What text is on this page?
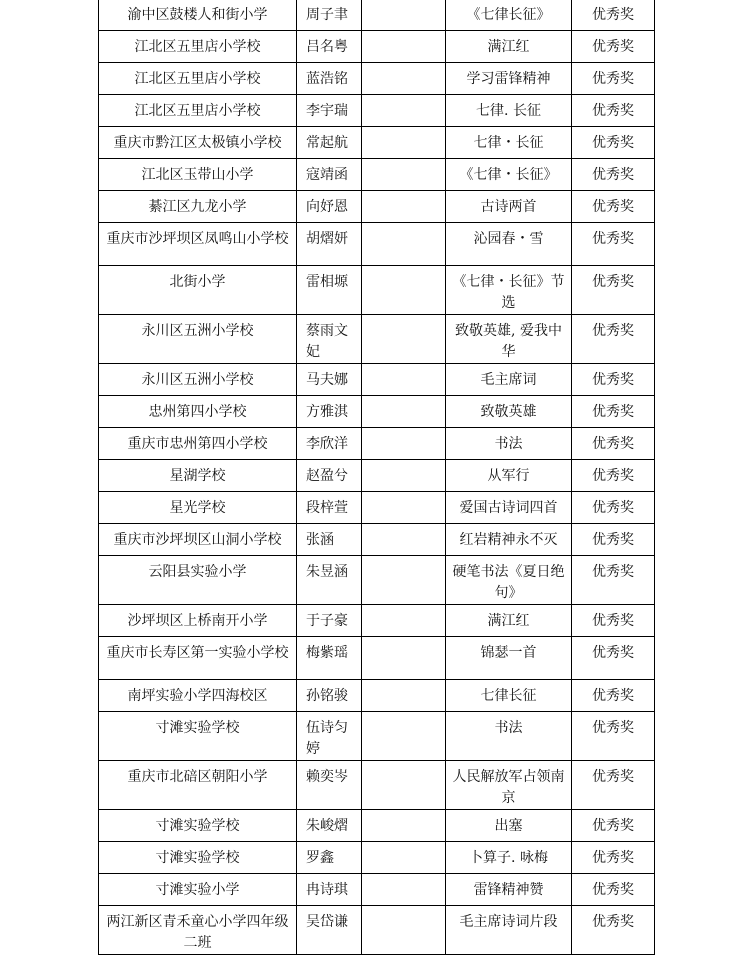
渝中区鼓楼人和街小学	周子聿		《七律长征》	优秀奖
江北区五里店小学校	吕名粤		满江红	优秀奖
江北区五里店小学校	蓝浩铭		学习雷锋精神	优秀奖
江北区五里店小学校	李宇瑞		七律. 长征	优秀奖
重庆市黔江区太极镇小学校	常起航		七律・长征	优秀奖
江北区玉带山小学	寇靖函		《七律・长征》	优秀奖
綦江区九龙小学	向妤恩		古诗两首	优秀奖
重庆市沙坪坝区凤鸣山小学校	胡熠妍		沁园春・雪	优秀奖
北街小学	雷相塬		《七律・长征》节选	优秀奖
永川区五洲小学校	蔡雨文妃		致敬英雄, 爱我中华	优秀奖
永川区五洲小学校	马夫娜		毛主席词	优秀奖
忠州第四小学校	方雅淇		致敬英雄	优秀奖
重庆市忠州第四小学校	李欣洋		书法	优秀奖
星湖学校	赵盈兮		从军行	优秀奖
星光学校	段梓萱		爱国古诗词四首	优秀奖
重庆市沙坪坝区山洞小学校	张涵		红岩精神永不灭	优秀奖
云阳县实验小学	朱昱涵		硬笔书法《夏日绝句》	优秀奖
沙坪坝区上桥南开小学	于子豪		满江红	优秀奖
重庆市长寿区第一实验小学校	梅紫瑶		锦瑟一首	优秀奖
南坪实验小学四海校区	孙铭骏		七律长征	优秀奖
寸滩实验学校	伍诗匀婷		书法	优秀奖
重庆市北碚区朝阳小学	赖奕岑		人民解放军占领南京	优秀奖
寸滩实验学校	朱峻熠		出塞	优秀奖
寸滩实验学校	罗鑫		卜算子. 咏梅	优秀奖
寸滩实验小学	冉诗琪		雷锋精神赞	优秀奖
两江新区青禾童心小学四年级二班	吴岱谦		毛主席诗词片段	优秀奖
